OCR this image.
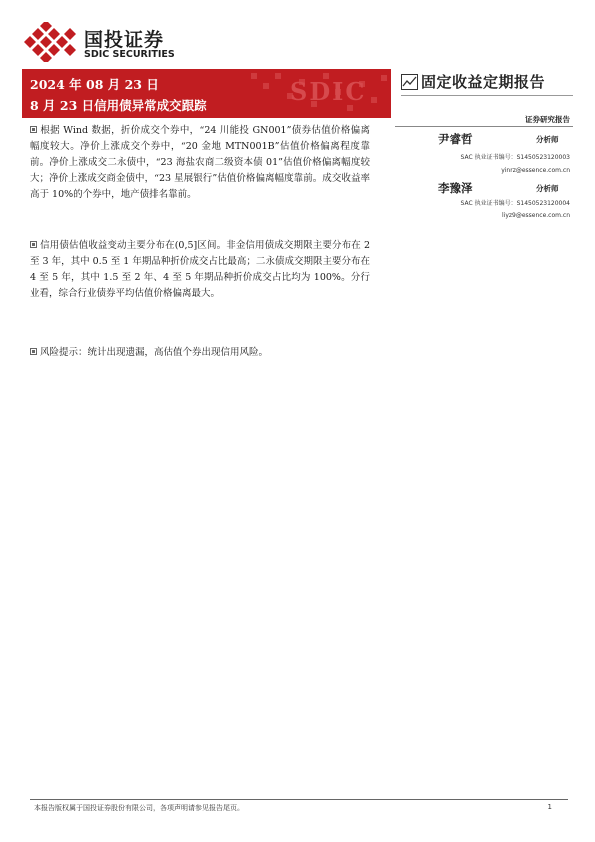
国投证券
SDIC SECURITIES
SDIC
2024 年 08 月 23 日
8 月 23 日信用债异常成交跟踪
固定收益定期报告
证券研究报告
尹睿哲	分析师
SAC 执业证书编号：S1450523120003
yinrz@essence.com.cn
李豫泽	分析师
SAC 执业证书编号：S1450523120004
liyz9@essence.com.cn
根据 Wind 数据，折价成交个券中，“24 川能投 GN001”债券估值价格偏离幅度较大。净价上涨成交个券中，“20 金地 MTN001B”估值价格偏离程度靠前。净价上涨成交二永债中，“23 海盐农商二级资本债 01”估值价格偏离幅度较大；净价上涨成交商金债中，“23 星展银行”估值价格偏离幅度靠前。成交收益率高于 10%的个券中，地产债排名靠前。
信用债估值收益变动主要分布在(0,5]区间。非金信用债成交期限主要分布在 2 至 3 年，其中 0.5 至 1 年期品种折价成交占比最高；二永债成交期限主要分布在 4 至 5 年，其中 1.5 至 2 年、4 至 5 年期品种折价成交占比均为 100%。分行业看，综合行业债券平均估值价格偏离最大。
风险提示：统计出现遗漏，高估值个券出现信用风险。
本报告版权属于国投证券股份有限公司，各项声明请参见报告尾页。	1
